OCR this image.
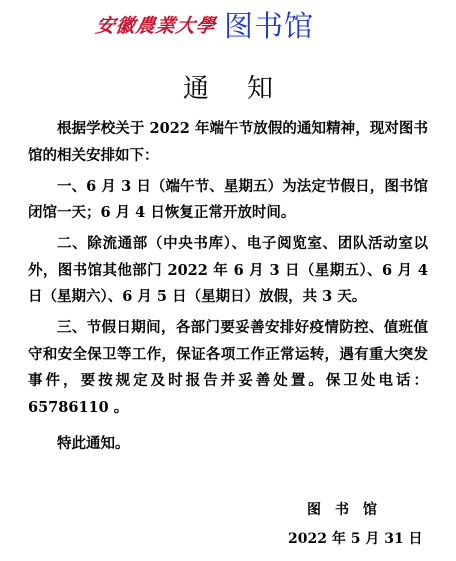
安徽農業大學 图书馆
通知

根据学校关于 2022 年端午节放假的通知精神，现对图书馆的相关安排如下：

一、6 月 3 日（端午节、星期五）为法定节假日，图书馆闭馆一天；6 月 4 日恢复正常开放时间。

二、除流通部（中央书库）、电子阅览室、团队活动室以外，图书馆其他部门 2022 年 6 月 3 日（星期五）、6 月 4 日（星期六）、6 月 5 日（星期日）放假，共 3 天。

三、节假日期间，各部门要妥善安排好疫情防控、值班值守和安全保卫等工作，保证各项工作正常运转，遇有重大突发事件，要按规定及时报告并妥善处置。保卫处电话：65786110 。

特此通知。

图书馆
2022 年 5 月 31 日
